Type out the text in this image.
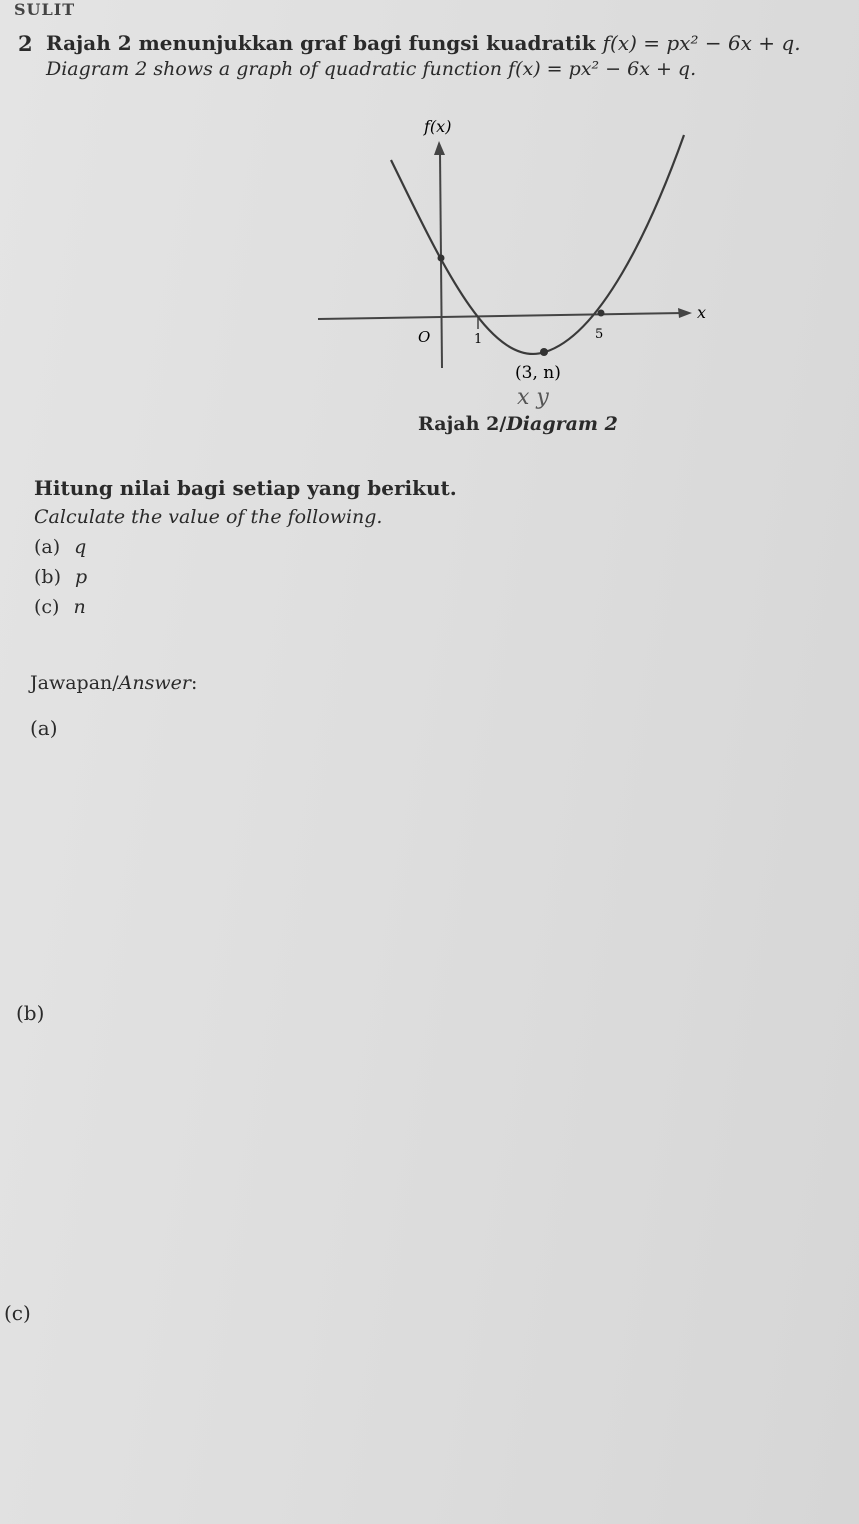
SULIT
2 Rajah 2 menunjukkan graf bagi fungsi kuadratik f(x) = px² − 6x + q.
Diagram 2 shows a graph of quadratic function f(x) = px² − 6x + q.
f(x)
x
O	1	5
(3, n)
x y
Rajah 2/Diagram 2
Hitung nilai bagi setiap yang berikut.
Calculate the value of the following.
(a) q
(b) p
(c) n
Jawapan/Answer:
(a)
(b)
(c)
